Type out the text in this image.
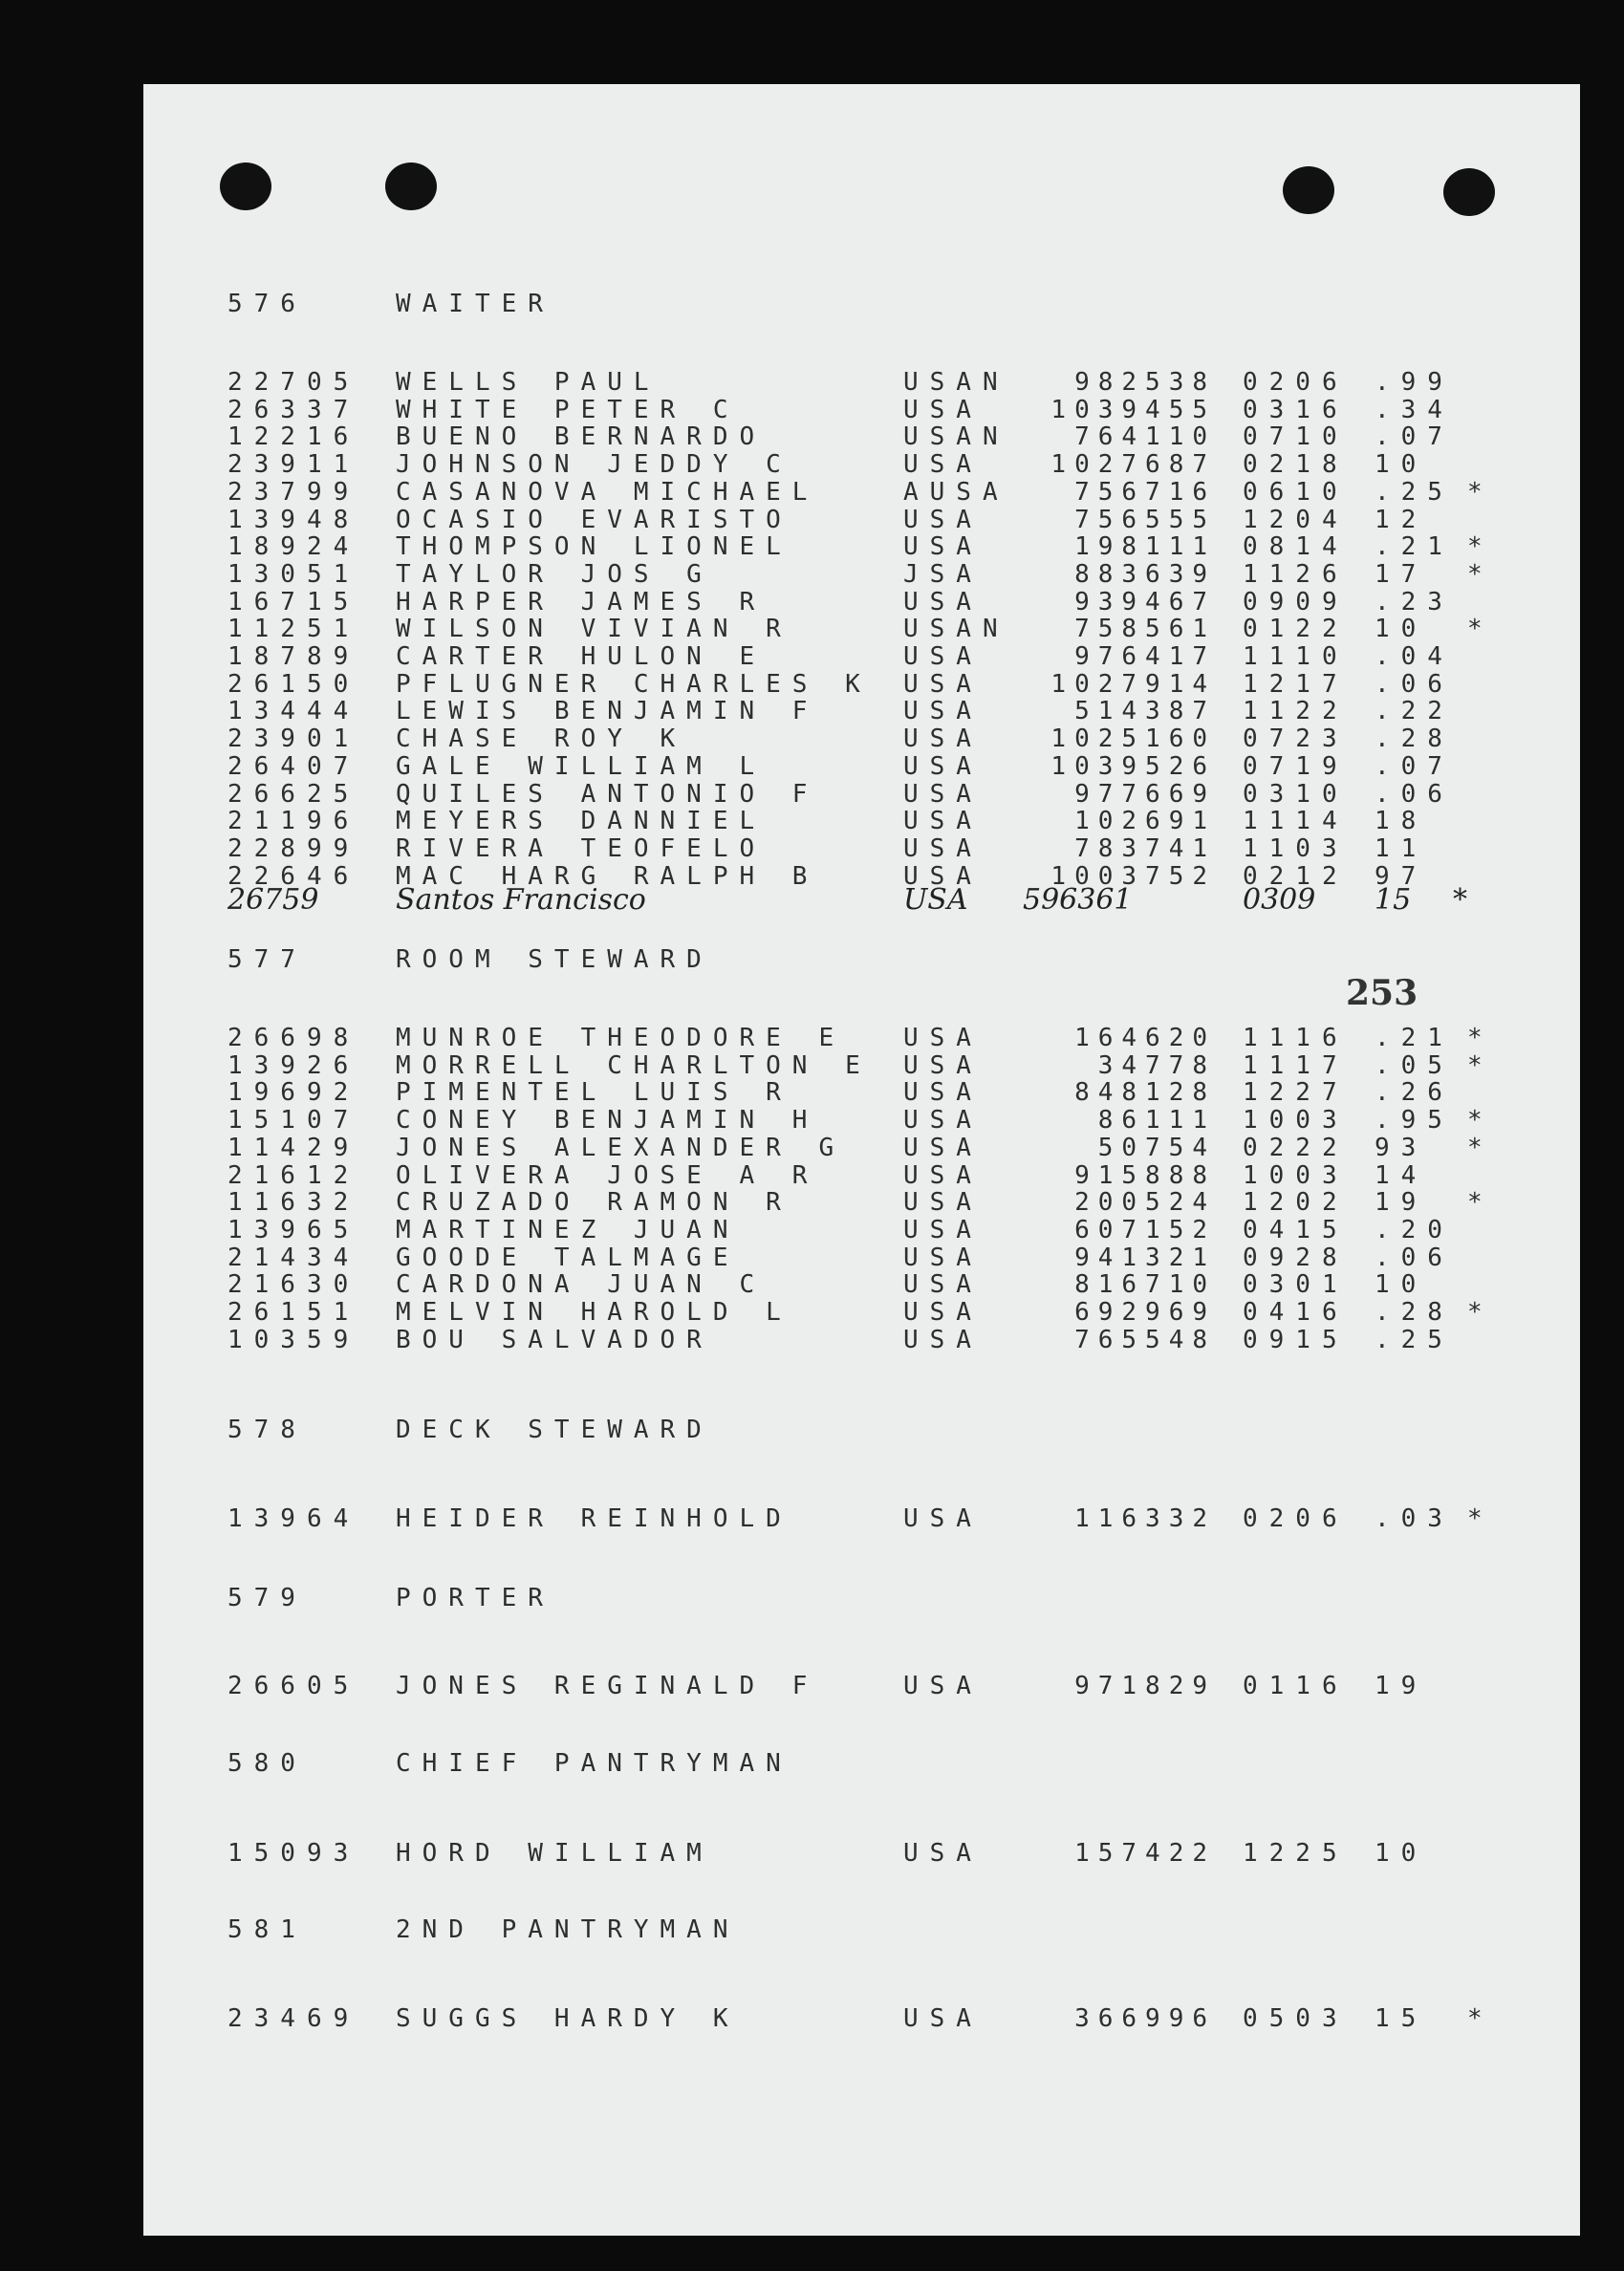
253
576	WAITER
22705 WELLS PAUL	USAN	982538 0206 .99
26337 WHITE PETER C	USA	1039455 0316 .34
12216 BUENO BERNARDO	USAN	764110 0710 .07
23911 JOHNSON JEDDY C	USA	1027687 0218 10
23799 CASANOVA MICHAEL	AUSA	756716 0610 .25 *
13948 OCASIO EVARISTO	USA	756555 1204 12
18924 THOMPSON LIONEL	USA	198111 0814 .21 *
13051 TAYLOR JOS G	JSA	883639 1126 17 *
16715 HARPER JAMES R	USA	939467 0909 .23
11251 WILSON VIVIAN R	USAN	758561 0122 10 *
18789 CARTER HULON E	USA	976417 1110 .04
26150 PFLUGNER CHARLES K USA	1027914 1217 .06
13444 LEWIS BENJAMIN F	USA	514387 1122 .22
23901 CHASE ROY K	USA	1025160 0723 .28
26407 GALE WILLIAM L	USA	1039526 0719 .07
26625 QUILES ANTONIO F	USA	977669 0310 .06
21196 MEYERS DANNIEL	USA	102691 1114 18
22899 RIVERA TEOFELO	USA	783741 1103 11
22646 MAC HARG RALPH B	USA	1003752 0212 97
26759	Santos Francisco	USA 596361	0309 15 *
577	ROOM STEWARD
26698 MUNROE THEODORE E USA	164620 1116 .21 *
13926 MORRELL CHARLTON E USA	34778 1117 .05 *
19692 PIMENTEL LUIS R	USA	848128 1227 .26
15107 CONEY BENJAMIN H	USA	86111 1003 .95 *
11429 JONES ALEXANDER G USA	50754 0222 93 *
21612 OLIVERA JOSE A R	USA	915888 1003 14
11632 CRUZADO RAMON R	USA	200524 1202 19 *
13965 MARTINEZ JUAN	USA	607152 0415 .20
21434 GOODE TALMAGE	USA	941321 0928 .06
21630 CARDONA JUAN C	USA	816710 0301 10
26151 MELVIN HAROLD L	USA	692969 0416 .28 *
10359 BOU SALVADOR	USA	765548 0915 .25
578	DECK STEWARD
13964 HEIDER REINHOLD	USA	116332 0206 .03 *
579	PORTER
26605 JONES REGINALD F	USA	971829 0116 19
580	CHIEF PANTRYMAN
15093 HORD WILLIAM	USA	157422 1225 10
581	2ND PANTRYMAN
23469 SUGGS HARDY K	USA	366996 0503 15 *
